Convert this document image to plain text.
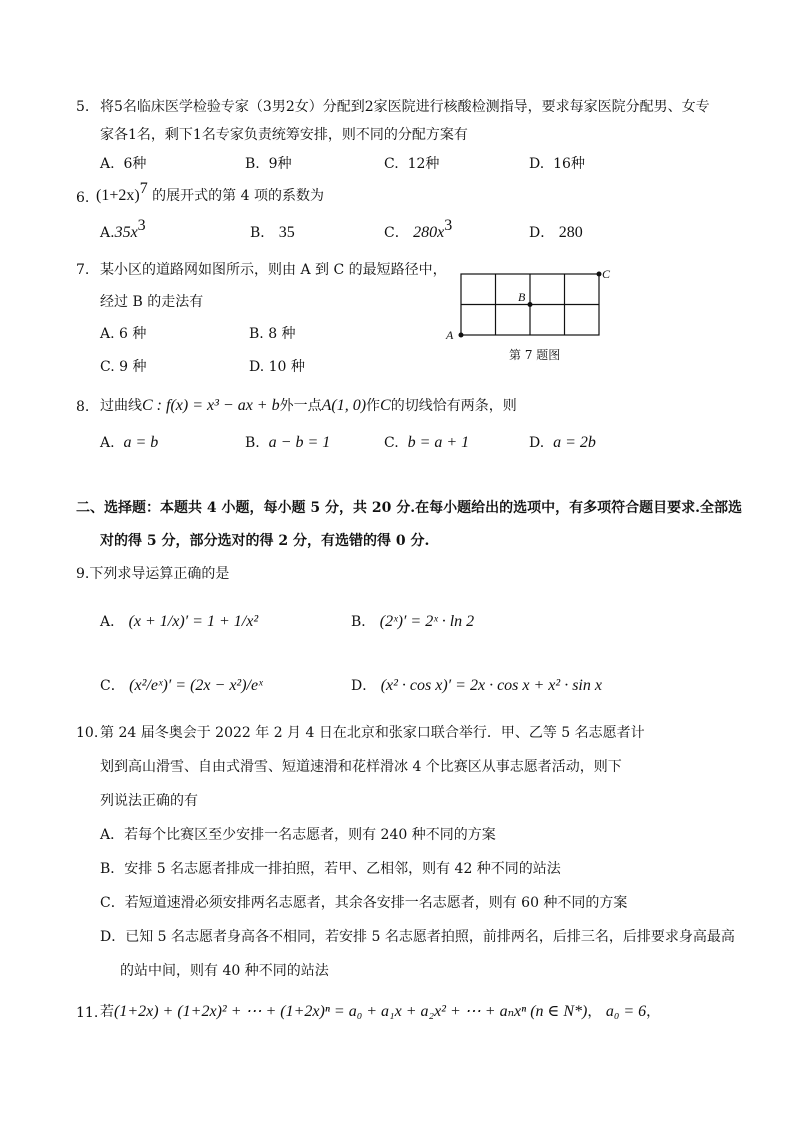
5. 将5名临床医学检验专家（3男2女）分配到2家医院进行核酸检测指导，要求每家医院分配男、女专
家各1名，剩下1名专家负责统筹安排，则不同的分配方案有
A. 6种	B. 9种	C. 12种	D. 16种
6. $(1+2x)^7$ 的展开式的第 4 项的系数为
$A.35x^3$	B． 35	C． $280x^3$	D． 280
7. 某小区的道路网如图所示，则由 A 到 C 的最短路径中，
经过 B 的走法有
A. 6 种	B. 8 种
C. 9 种	D. 10 种
A
B
C
第 7 题图
8. 过曲线C : f(x) = x³ − ax + b外一点A(1, 0)作C的切线恰有两条，则
A. a = b	B. a − b = 1	C. b = a + 1	D. a = 2b
二、选择题：本题共 4 小题，每小题 5 分，共 20 分.在每小题给出的选项中，有多项符合题目要求.全部选
对的得 5 分，部分选对的得 2 分，有选错的得 0 分.
9.下列求导运算正确的是
A． (x + 1/x)′ = 1 + 1/x²	B． (2ˣ)′ = 2ˣ · ln 2
C． (x²/eˣ)′ = (2x − x²)/eˣ	D． (x² · cos x)′ = 2x · cos x + x² · sin x
10. 第 24 届冬奥会于 2022 年 2 月 4 日在北京和张家口联合举行．甲、乙等 5 名志愿者计
划到高山滑雪、自由式滑雪、短道速滑和花样滑冰 4 个比赛区从事志愿者活动，则下
列说法正确的有
A．若每个比赛区至少安排一名志愿者，则有 240 种不同的方案
B．安排 5 名志愿者排成一排拍照，若甲、乙相邻，则有 42 种不同的站法
C．若短道速滑必须安排两名志愿者，其余各安排一名志愿者，则有 60 种不同的方案
D．已知 5 名志愿者身高各不相同，若安排 5 名志愿者拍照，前排两名，后排三名，后排要求身高最高
的站中间，则有 40 种不同的站法
11. 若(1+2x) + (1+2x)² + ⋯ + (1+2x)ⁿ = a₀ + a₁x + a₂x² + ⋯ + aₙxⁿ (n ∈ N*)， a₀ = 6，
